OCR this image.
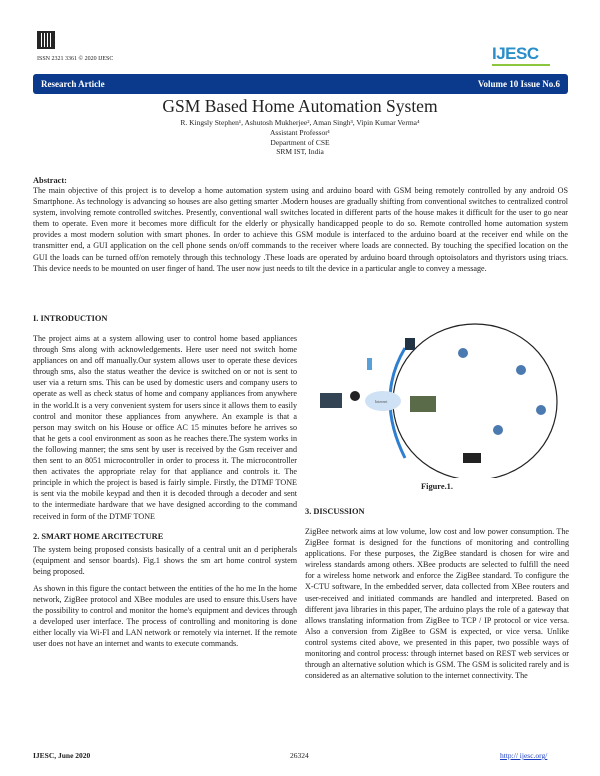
ISSN 2321 3361 © 2020 IJESC	IJESC
Research Article	Volume 10 Issue No.6
GSM Based Home Automation System
R. Kingsly Stephen¹, Ashutosh Mukherjee², Aman Singh³, Vipin Kumar Verma⁴
Assistant Professor¹
Department of CSE
SRM IST, India
Abstract:

The main objective of this project is to develop a home automation system using and arduino board with GSM being remotely controlled by any android OS Smartphone. As technology is advancing so houses are also getting smarter .Modern houses are gradually shifting from conventional switches to centralized control system, involving remote controlled switches. Presently, conventional wall switches located in different parts of the house makes it difficult for the user to go near them to operate. Even more it becomes more difficult for the elderly or physically handicapped people to do so. Remote controlled home automation system provides a most modern solution with smart phones. In order to achieve this GSM module is interfaced to the arduino board at the receiver end while on the transmitter end, a GUI application on the cell phone sends on/off commands to the receiver where loads are connected. By touching the specified location on the GUI the loads can be turned off/on remotely through this technology .These loads are operated by arduino board through optoisolators and thyristors using triacs. This device needs to be mounted on user finger of hand. The user now just needs to tilt the device in a particular angle to convey a message.

I. INTRODUCTION

The project aims at a system allowing user to control home based appliances through Sms along with acknowledgements. Here user need not switch home appliances on and off manually.Our system allows user to operate these devices through sms, also the status weather the device is switched on or not is sent to user via a return sms. This can be used by domestic users and company users to operate as well as check status of home and company appliances from anywhere in the world.It is a very convenient system for users since it allows them to easily control and monitor these appliances from anywhere. An example is that a person may switch on his House or office AC 15 minutes before he arrives so that he gets a cool environment as soon as he reaches there.The system works in the following manner; the sms sent by user is received by the Gsm receiver and then sent to an 8051 microcontroller in order to process it. The microcontroller then activates the appropriate relay for that appliance and controls it. The principle in which the project is based is fairly simple. Firstly, the DTMF TONE is sent via the mobile keypad and then it is decoded through a decoder and sent to the intermediate hardware that we have designed according to the command received in form of the DTMF TONE

2. SMART HOME ARCITECTURE

The system being proposed consists basically of a central unit an d peripherals (equipment and sensor boards). Fig.1 shows the sm art home control system being proposed.

As shown in this figure the contact between the entities of the ho me In the home network, ZigBee protocol and XBee modules are used to ensure this.Users have the possibility to control and monitor the home's equipment and devices through a developed user interface. The process of controlling and monitoring is done either locally via Wi-FI and LAN network or remotely via internet. If the remote user does not have an internet and wants to execute commands.

Internet
Figure.1.
3. DISCUSSION

ZigBee network aims at low volume, low cost and low power consumption. The ZigBee format is designed for the functions of monitoring and controlling applications. For these purposes, the ZigBee standard is chosen for wire and wireless standards among others. XBee products are selected to fulfill the need for a wireless home network and enforce the ZigBee standard. To configure the X-CTU software, In the embedded server, data collected from XBee routers and user-received and initiated commands are handled and interpreted. Based on different java libraries in this paper, The arduino plays the role of a gateway that allows translating information from ZigBee to TCP / IP protocol or vice versa. Also a conversion from ZigBee to GSM is expected, or vice versa. Unlike control systems cited above, we presented in this paper, two possible ways of monitoring and control process: through internet based on REST web services or through an alternative solution which is GSM. The GSM is solicited rarely and is considered as an alternative solution to the internet connectivity. The

IJESC, June 2020	26324	http:// ijesc.org/
